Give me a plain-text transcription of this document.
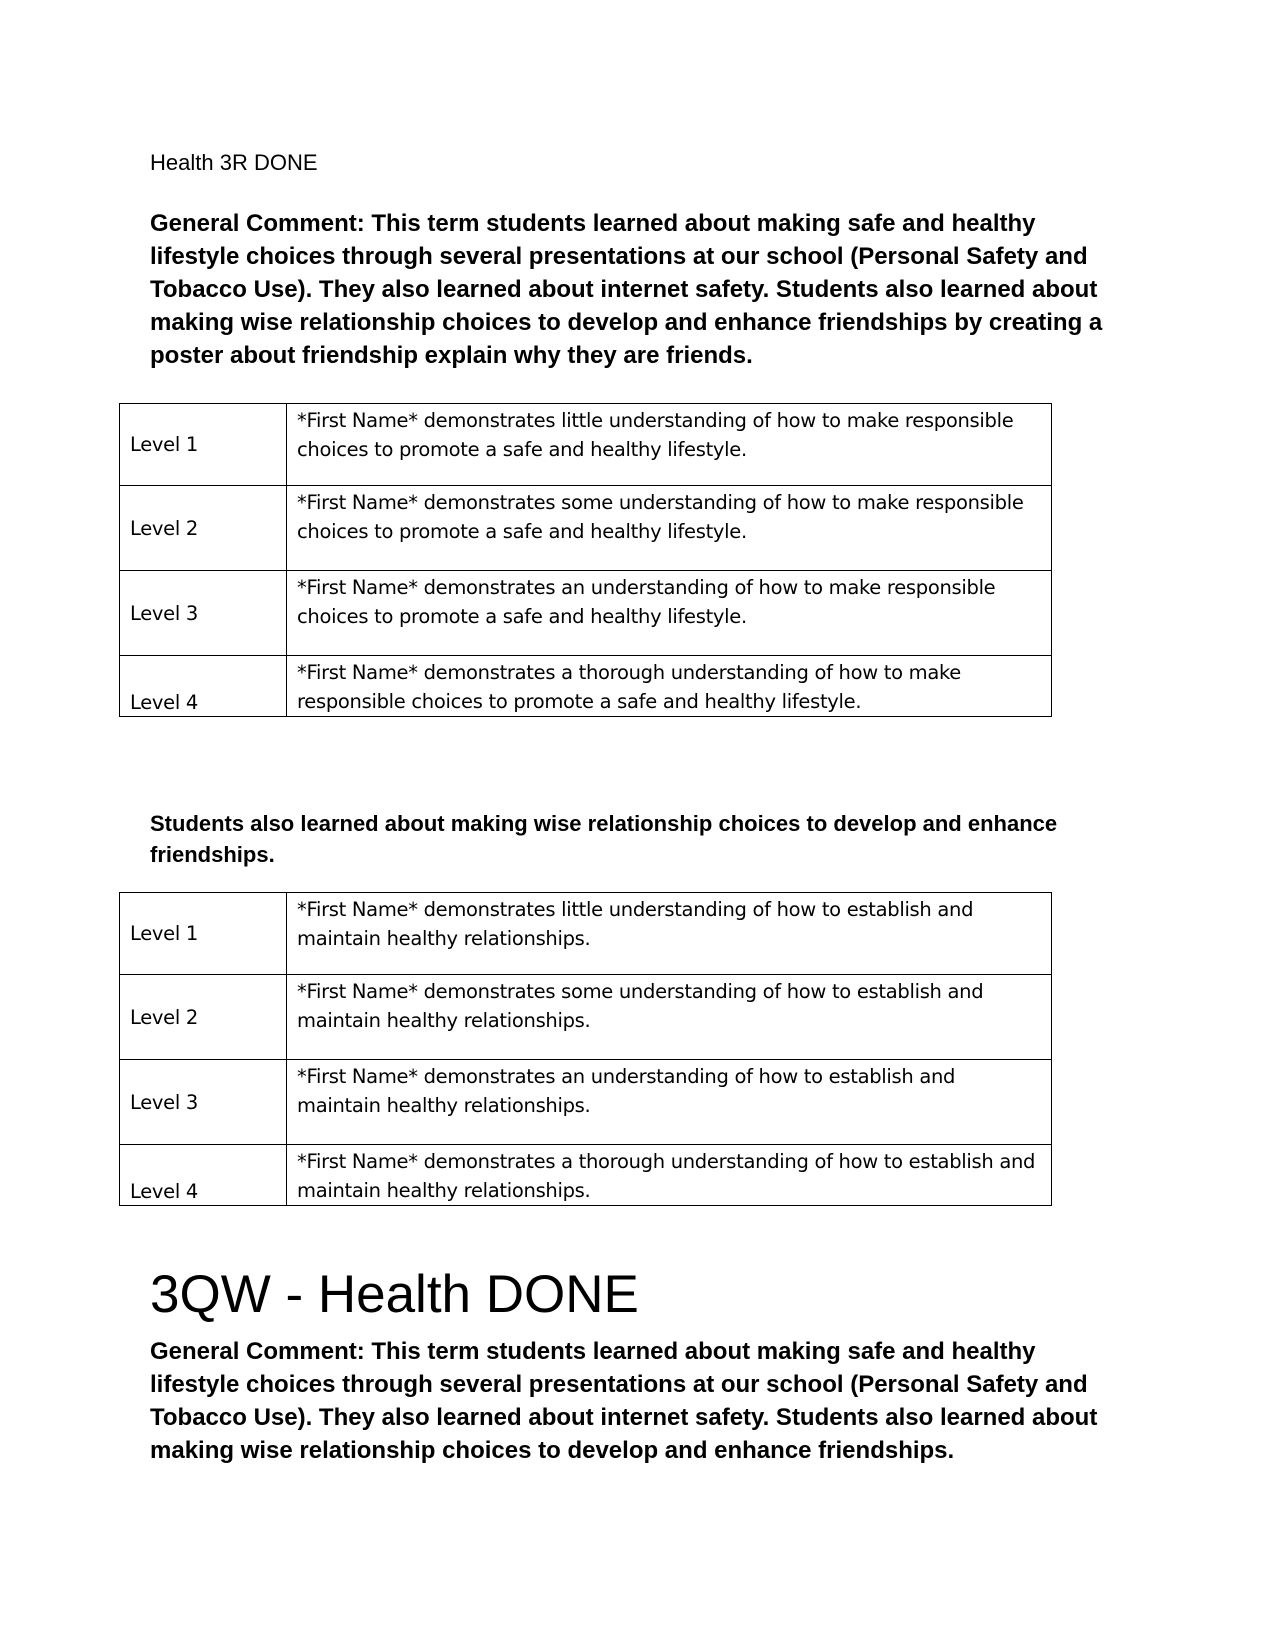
Health 3R DONE
General Comment: This term students learned about making safe and healthy lifestyle choices through several presentations at our school (Personal Safety and Tobacco Use). They also learned about internet safety. Students also learned about making wise relationship choices to develop and enhance friendships by creating a poster about friendship explain why they are friends.
Level 1	*First Name* demonstrates little understanding of how to make responsible choices to promote a safe and healthy lifestyle.
Level 2	*First Name* demonstrates some understanding of how to make responsible choices to promote a safe and healthy lifestyle.
Level 3	*First Name* demonstrates an understanding of how to make responsible choices to promote a safe and healthy lifestyle.
Level 4	*First Name* demonstrates a thorough understanding of how to make responsible choices to promote a safe and healthy lifestyle.
Students also learned about making wise relationship choices to develop and enhance friendships.
Level 1	*First Name* demonstrates little understanding of how to establish and maintain healthy relationships.
Level 2	*First Name* demonstrates some understanding of how to establish and maintain healthy relationships.
Level 3	*First Name* demonstrates an understanding of how to establish and maintain healthy relationships.
Level 4	*First Name* demonstrates a thorough understanding of how to establish and maintain healthy relationships.
3QW - Health DONE
General Comment: This term students learned about making safe and healthy lifestyle choices through several presentations at our school (Personal Safety and Tobacco Use). They also learned about internet safety. Students also learned about making wise relationship choices to develop and enhance friendships.
